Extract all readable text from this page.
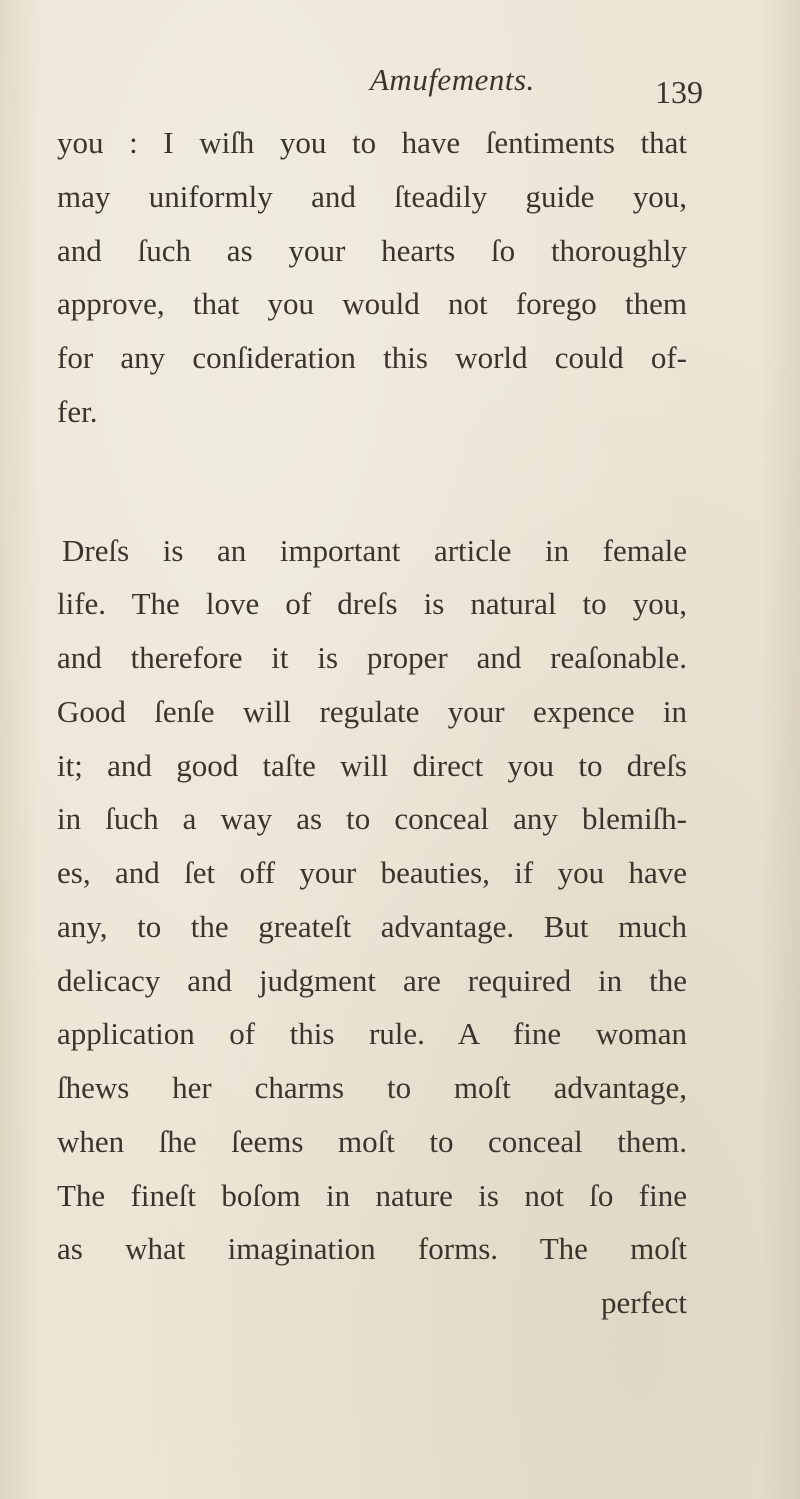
Amufements.	139
you : I wiſh you to have ſentiments that
may uniformly and ſteadily guide you,
and ſuch as your hearts ſo thoroughly
approve, that you would not forego them
for any conſideration this world could of-
fer.
Dreſs is an important article in female
life. The love of dreſs is natural to you,
and therefore it is proper and reaſonable.
Good ſenſe will regulate your expence in
it; and good taſte will direct you to dreſs
in ſuch a way as to conceal any blemiſh-
es, and ſet off your beauties, if you have
any, to the greateſt advantage. But much
delicacy and judgment are required in the
application of this rule. A fine woman
ſhews her charms to moſt advantage,
when ſhe ſeems moſt to conceal them.
The fineſt boſom in nature is not ſo fine
as what imagination forms. The moſt
perfect
